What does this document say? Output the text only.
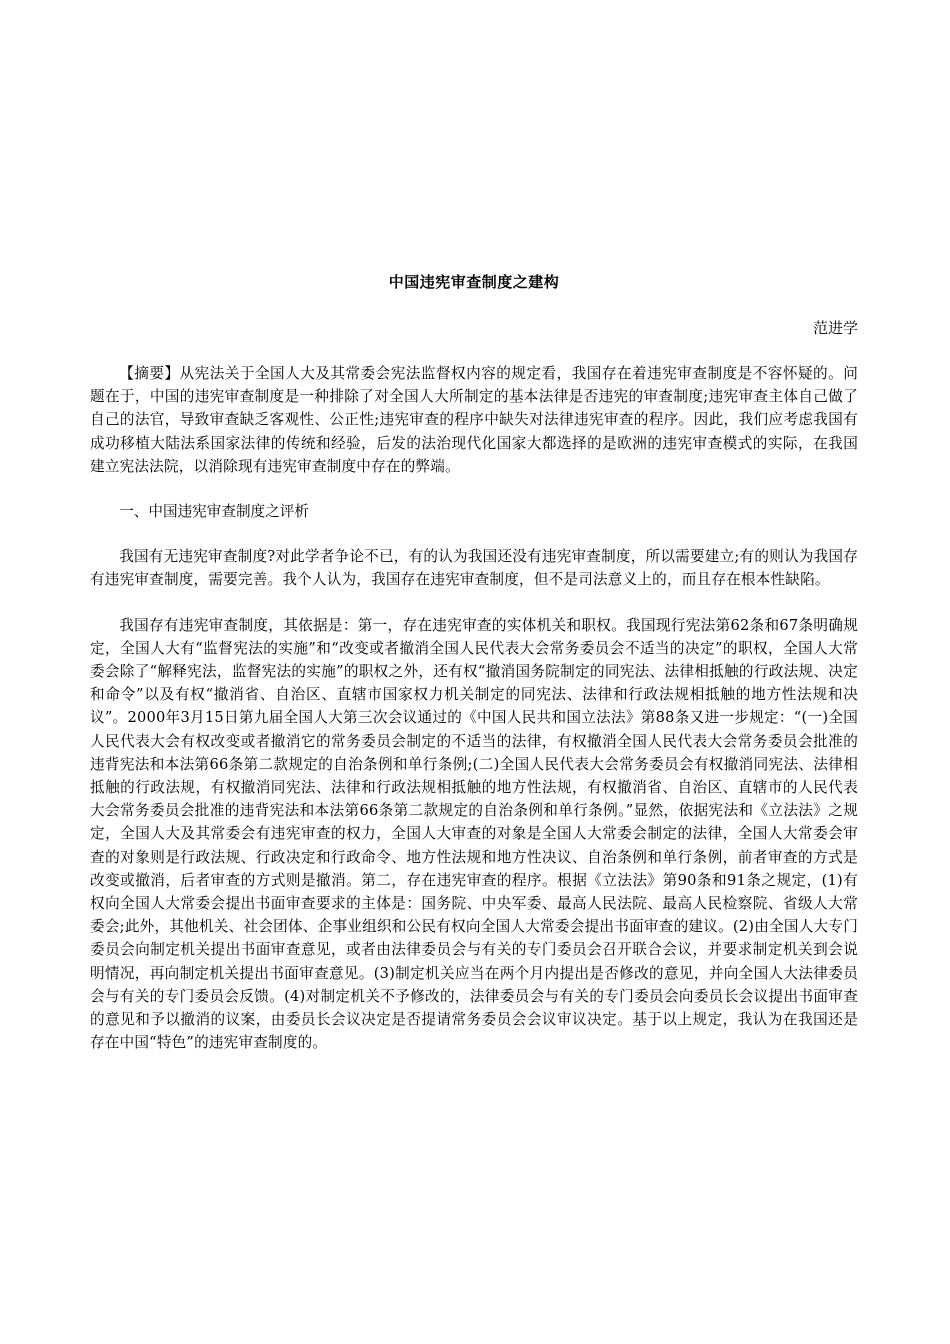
中国违宪审查制度之建构
范进学

【摘要】从宪法关于全国人大及其常委会宪法监督权内容的规定看，我国存在着违宪审查制度是不容怀疑的。问题在于，中国的违宪审查制度是一种排除了对全国人大所制定的基本法律是否违宪的审查制度;违宪审查主体自己做了自己的法官，导致审查缺乏客观性、公正性;违宪审查的程序中缺失对法律违宪审查的程序。因此，我们应考虑我国有成功移植大陆法系国家法律的传统和经验，后发的法治现代化国家大都选择的是欧洲的违宪审查模式的实际，在我国建立宪法法院，以消除现有违宪审查制度中存在的弊端。

一、中国违宪审查制度之评析

我国有无违宪审查制度?对此学者争论不已，有的认为我国还没有违宪审查制度，所以需要建立;有的则认为我国存有违宪审查制度，需要完善。我个人认为，我国存在违宪审查制度，但不是司法意义上的，而且存在根本性缺陷。

我国存有违宪审查制度，其依据是：第一，存在违宪审查的实体机关和职权。我国现行宪法第62条和67条明确规定，全国人大有“监督宪法的实施”和“改变或者撤消全国人民代表大会常务委员会不适当的决定”的职权，全国人大常委会除了“解释宪法，监督宪法的实施”的职权之外，还有权“撤消国务院制定的同宪法、法律相抵触的行政法规、决定和命令”以及有权“撤消省、自治区、直辖市国家权力机关制定的同宪法、法律和行政法规相抵触的地方性法规和决议”。2000年3月15日第九届全国人大第三次会议通过的《中国人民共和国立法法》第88条又进一步规定：“(一)全国人民代表大会有权改变或者撤消它的常务委员会制定的不适当的法律，有权撤消全国人民代表大会常务委员会批准的违背宪法和本法第66条第二款规定的自治条例和单行条例;(二)全国人民代表大会常务委员会有权撤消同宪法、法律相抵触的行政法规，有权撤消同宪法、法律和行政法规相抵触的地方性法规，有权撤消省、自治区、直辖市的人民代表大会常务委员会批准的违背宪法和本法第66条第二款规定的自治条例和单行条例。”显然，依据宪法和《立法法》之规定，全国人大及其常委会有违宪审查的权力，全国人大审查的对象是全国人大常委会制定的法律，全国人大常委会审查的对象则是行政法规、行政决定和行政命令、地方性法规和地方性决议、自治条例和单行条例，前者审查的方式是改变或撤消，后者审查的方式则是撤消。第二，存在违宪审查的程序。根据《立法法》第90条和91条之规定，(1)有权向全国人大常委会提出书面审查要求的主体是：国务院、中央军委、最高人民法院、最高人民检察院、省级人大常委会;此外，其他机关、社会团体、企事业组织和公民有权向全国人大常委会提出书面审查的建议。(2)由全国人大专门委员会向制定机关提出书面审查意见，或者由法律委员会与有关的专门委员会召开联合会议，并要求制定机关到会说明情况，再向制定机关提出书面审查意见。(3)制定机关应当在两个月内提出是否修改的意见，并向全国人大法律委员会与有关的专门委员会反馈。(4)对制定机关不予修改的，法律委员会与有关的专门委员会向委员长会议提出书面审查的意见和予以撤消的议案，由委员长会议决定是否提请常务委员会会议审议决定。基于以上规定，我认为在我国还是存在中国“特色”的违宪审查制度的。
